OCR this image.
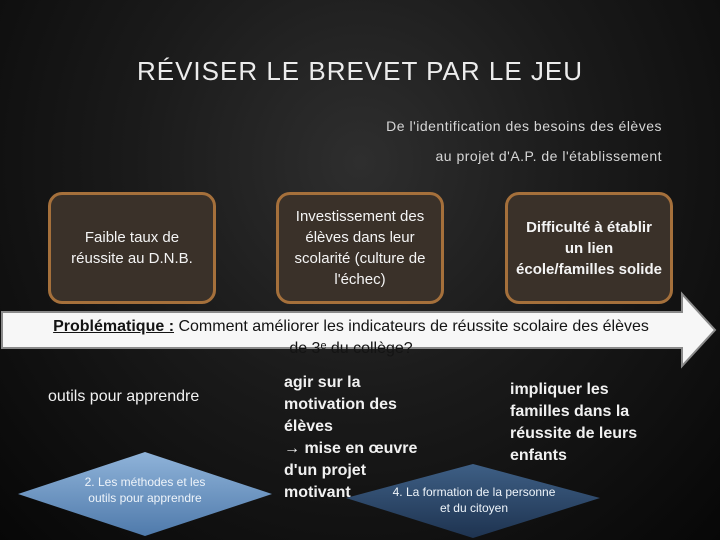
RÉVISER LE BREVET PAR LE JEU
De l'identification des besoins des élèves
au projet d'A.P. de l'établissement
Faible taux de réussite au D.N.B.
Investissement des élèves dans leur scolarité (culture de l'échec)
Difficulté à établir un lien école/familles solide
Problématique : Comment améliorer les indicateurs de réussite scolaire des élèves
de 3ᵉ du collège?
outils pour apprendre
agir sur la
motivation des
élèves
→ mise en œuvre
d'un projet
motivant
impliquer les familles dans la réussite de leurs enfants
2. Les méthodes et les outils pour apprendre	4. La formation de la personne et du citoyen
